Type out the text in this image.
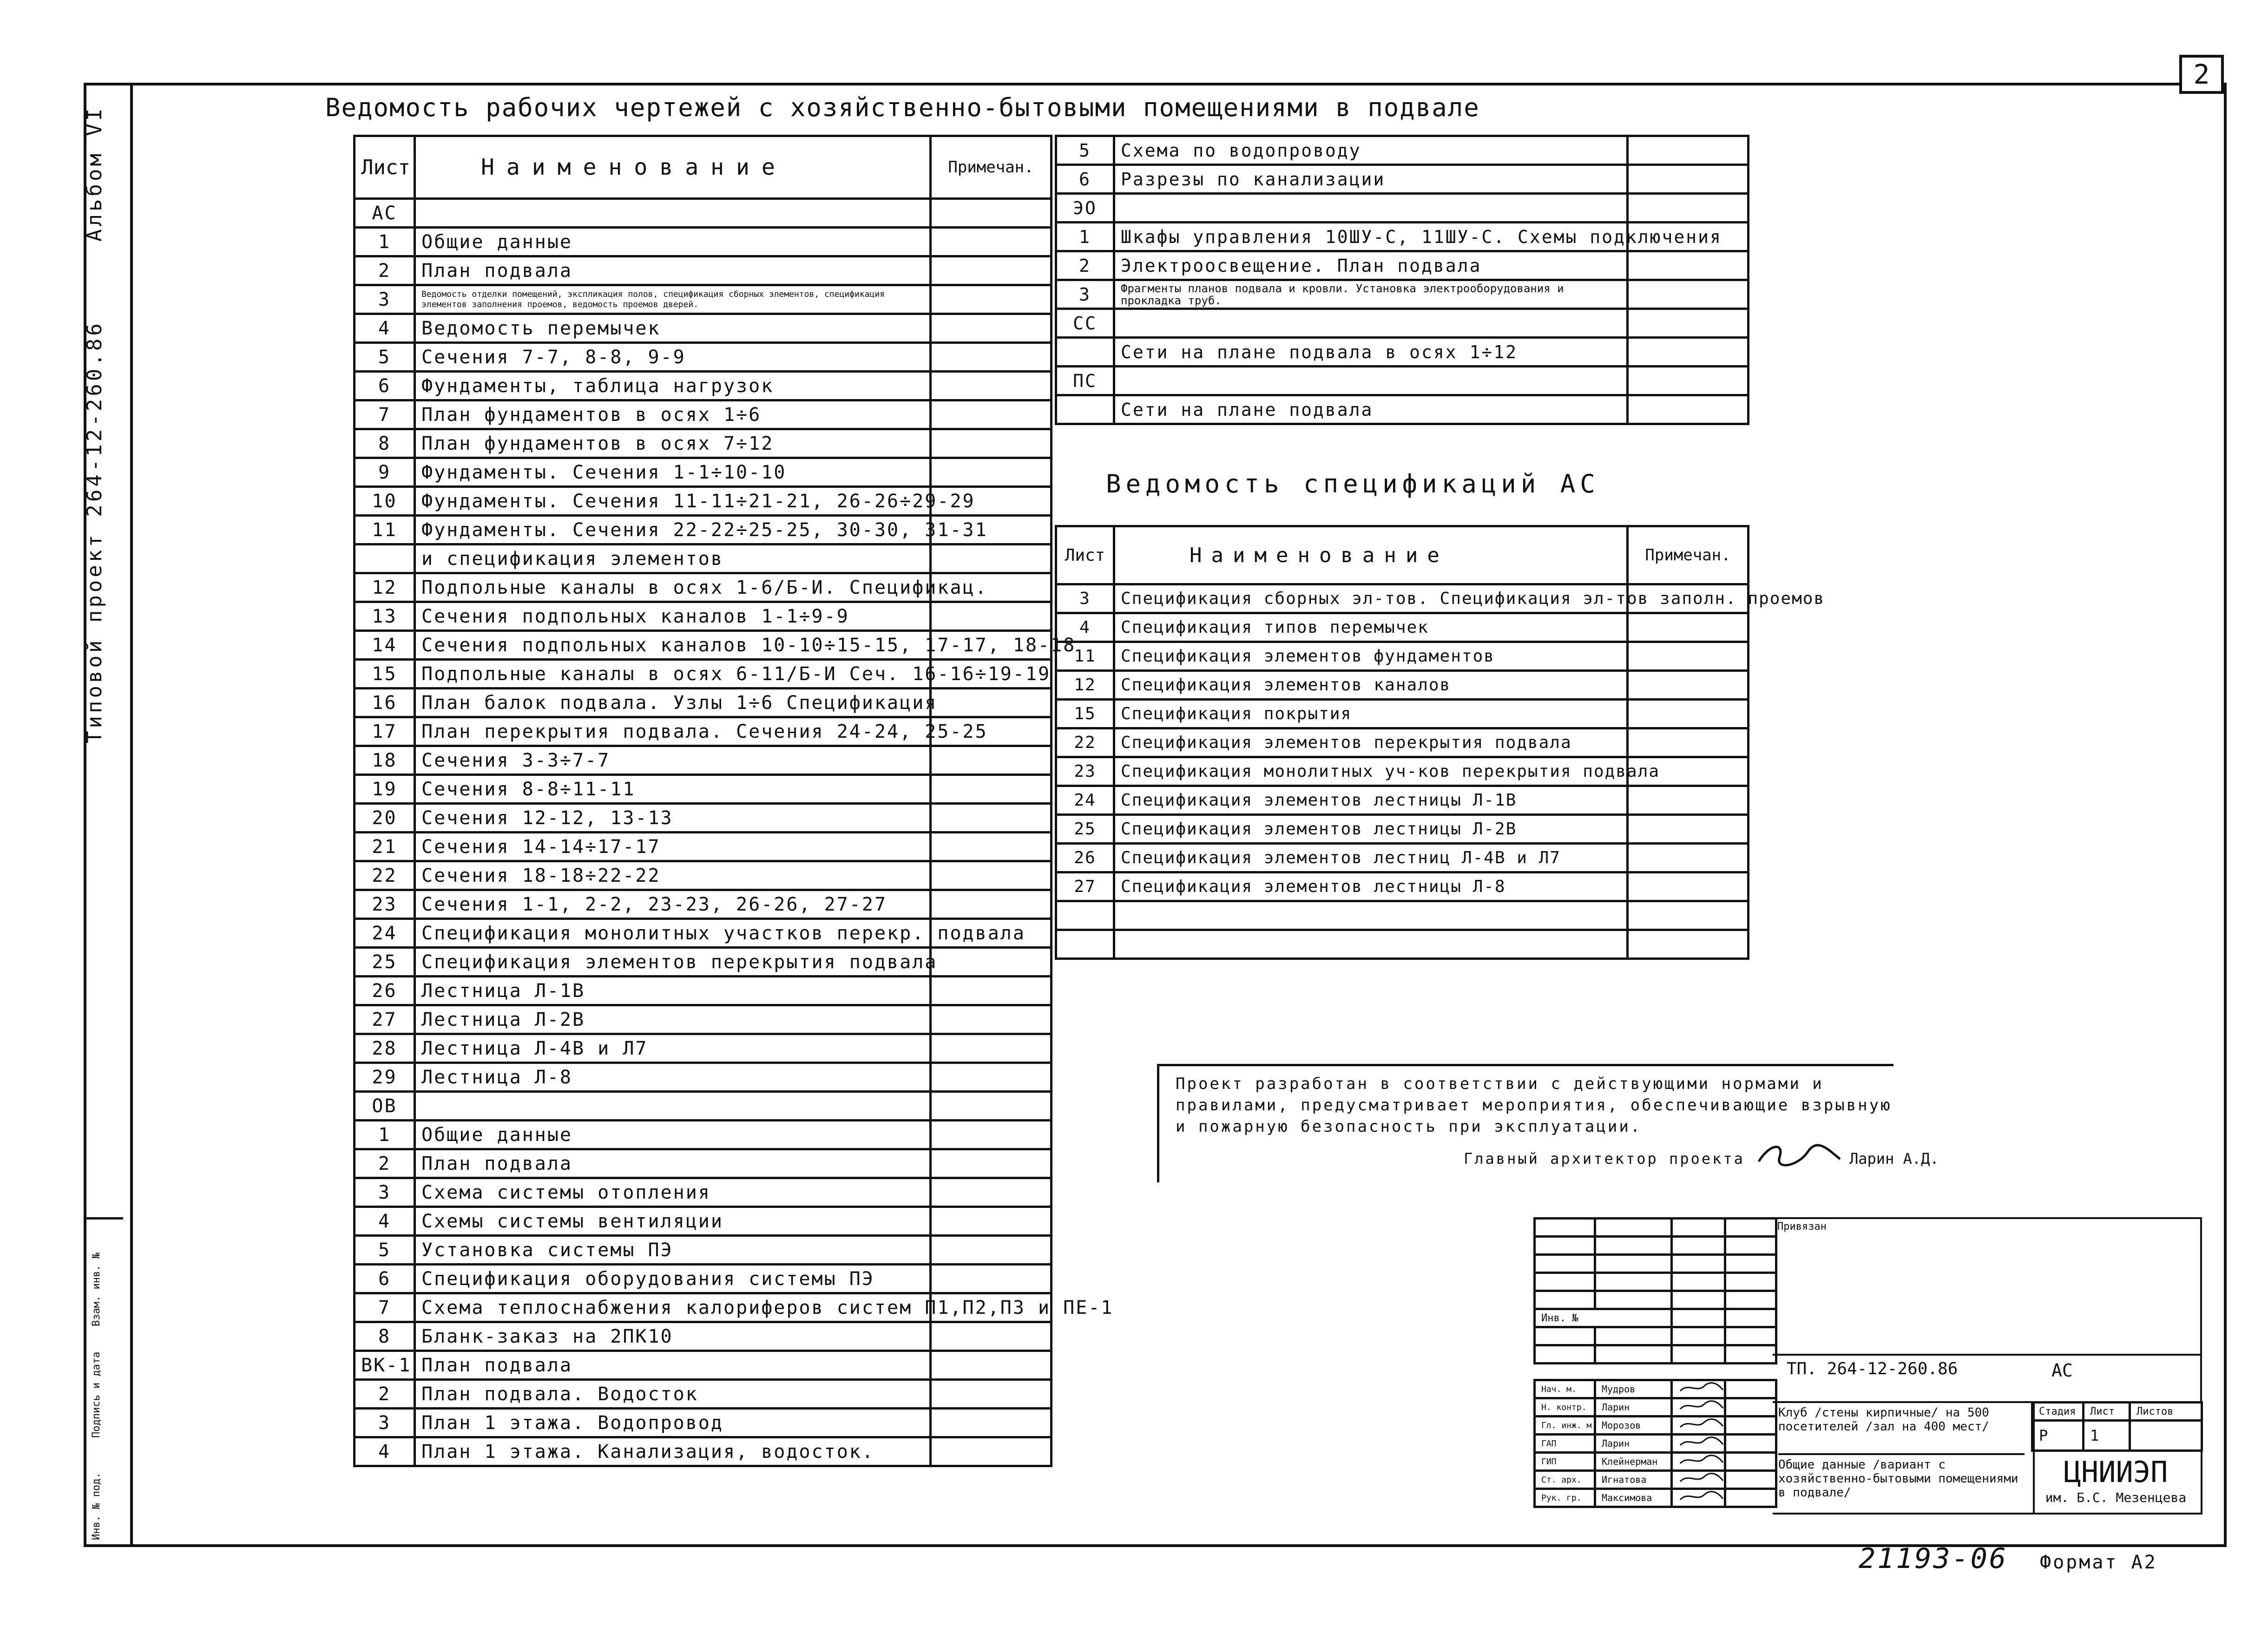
2
Альбом VI
Типовой проект 264-12-260.86
Инв. № под.
Подпись и дата
Взам. инв. №
Ведомость рабочих чертежей с хозяйственно-бытовыми помещениями в подвале
Лист	Наименование	Примечан.
АС		
1	Общие данные	
2	План подвала	
3	Ведомость отделки помещений, экспликация полов, спецификация сборных элементов, спецификация элементов заполнения проемов, ведомость проемов дверей.	
4	Ведомость перемычек	
5	Сечения 7-7, 8-8, 9-9	
6	Фундаменты, таблица нагрузок	
7	План фундаментов в осях 1÷6	
8	План фундаментов в осях 7÷12	
9	Фундаменты. Сечения 1-1÷10-10	
10	Фундаменты. Сечения 11-11÷21-21, 26-26÷29-29	
11	Фундаменты. Сечения 22-22÷25-25, 30-30, 31-31	
	и спецификация элементов	
12	Подпольные каналы в осях 1-6/Б-И. Спецификац.	
13	Сечения подпольных каналов 1-1÷9-9	
14	Сечения подпольных каналов 10-10÷15-15, 17-17, 18-18	
15	Подпольные каналы в осях 6-11/Б-И Сеч. 16-16÷19-19	
16	План балок подвала. Узлы 1÷6 Спецификация	
17	План перекрытия подвала. Сечения 24-24, 25-25	
18	Сечения 3-3÷7-7	
19	Сечения 8-8÷11-11	
20	Сечения 12-12, 13-13	
21	Сечения 14-14÷17-17	
22	Сечения 18-18÷22-22	
23	Сечения 1-1, 2-2, 23-23, 26-26, 27-27	
24	Спецификация монолитных участков перекр. подвала	
25	Спецификация элементов перекрытия подвала	
26	Лестница Л-1В	
27	Лестница Л-2В	
28	Лестница Л-4В и Л7	
29	Лестница Л-8	
ОВ		
1	Общие данные	
2	План подвала	
3	Схема системы отопления	
4	Схемы системы вентиляции	
5	Установка системы ПЭ	
6	Спецификация оборудования системы ПЭ	
7	Схема теплоснабжения калориферов систем П1,П2,П3 и ПЕ-1	
8	Бланк-заказ на 2ПК10	
ВК-1	План подвала	
2	План подвала. Водосток	
3	План 1 этажа. Водопровод	
4	План 1 этажа. Канализация, водосток.	
5	Схема по водопроводу	
6	Разрезы по канализации	
ЭО		
1	Шкафы управления 10ШУ-С, 11ШУ-С. Схемы подключения	
2	Электроосвещение. План подвала	
3	Фрагменты планов подвала и кровли. Установка электрооборудования и прокладка труб.	
СС		
	Сети на плане подвала в осях 1÷12	
ПС		
	Сети на плане подвала	
Ведомость спецификаций АС
Лист	Наименование	Примечан.
3	Спецификация сборных эл-тов. Спецификация эл-тов заполн. проемов	
4	Спецификация типов перемычек	
11	Спецификация элементов фундаментов	
12	Спецификация элементов каналов	
15	Спецификация покрытия	
22	Спецификация элементов перекрытия подвала	
23	Спецификация монолитных уч-ков перекрытия подвала	
24	Спецификация элементов лестницы Л-1В	
25	Спецификация элементов лестницы Л-2В	
26	Спецификация элементов лестниц Л-4В и Л7	
27	Спецификация элементов лестницы Л-8	

Проект разработан в соответствии с действующими нормами и
правилами, предусматривает мероприятия, обеспечивающие взрывную
и пожарную безопасность при эксплуатации.
Главный архитектор проекта	Ларин А.Д.

Инв. №			

Привязан
ТП. 264-12-260.86	АС
Нач. м.	Мудров		
Н. контр.	Ларин		
Гл. инж. м.	Морозов		
ГАП	Ларин		
ГИП	Клейнерман		
Ст. арх.	Игнатова		
Рук. гр.	Максимова		
Клуб /стены кирпичные/ на 500 посетителей /зал на 400 мест/
Общие данные /вариант с хозяйственно-бытовыми помещениями в подвале/
Стадия	Лист	Листов
Р	1	
ЦНИИЭП
им. Б.С. Мезенцева
21193-06 Формат А2
